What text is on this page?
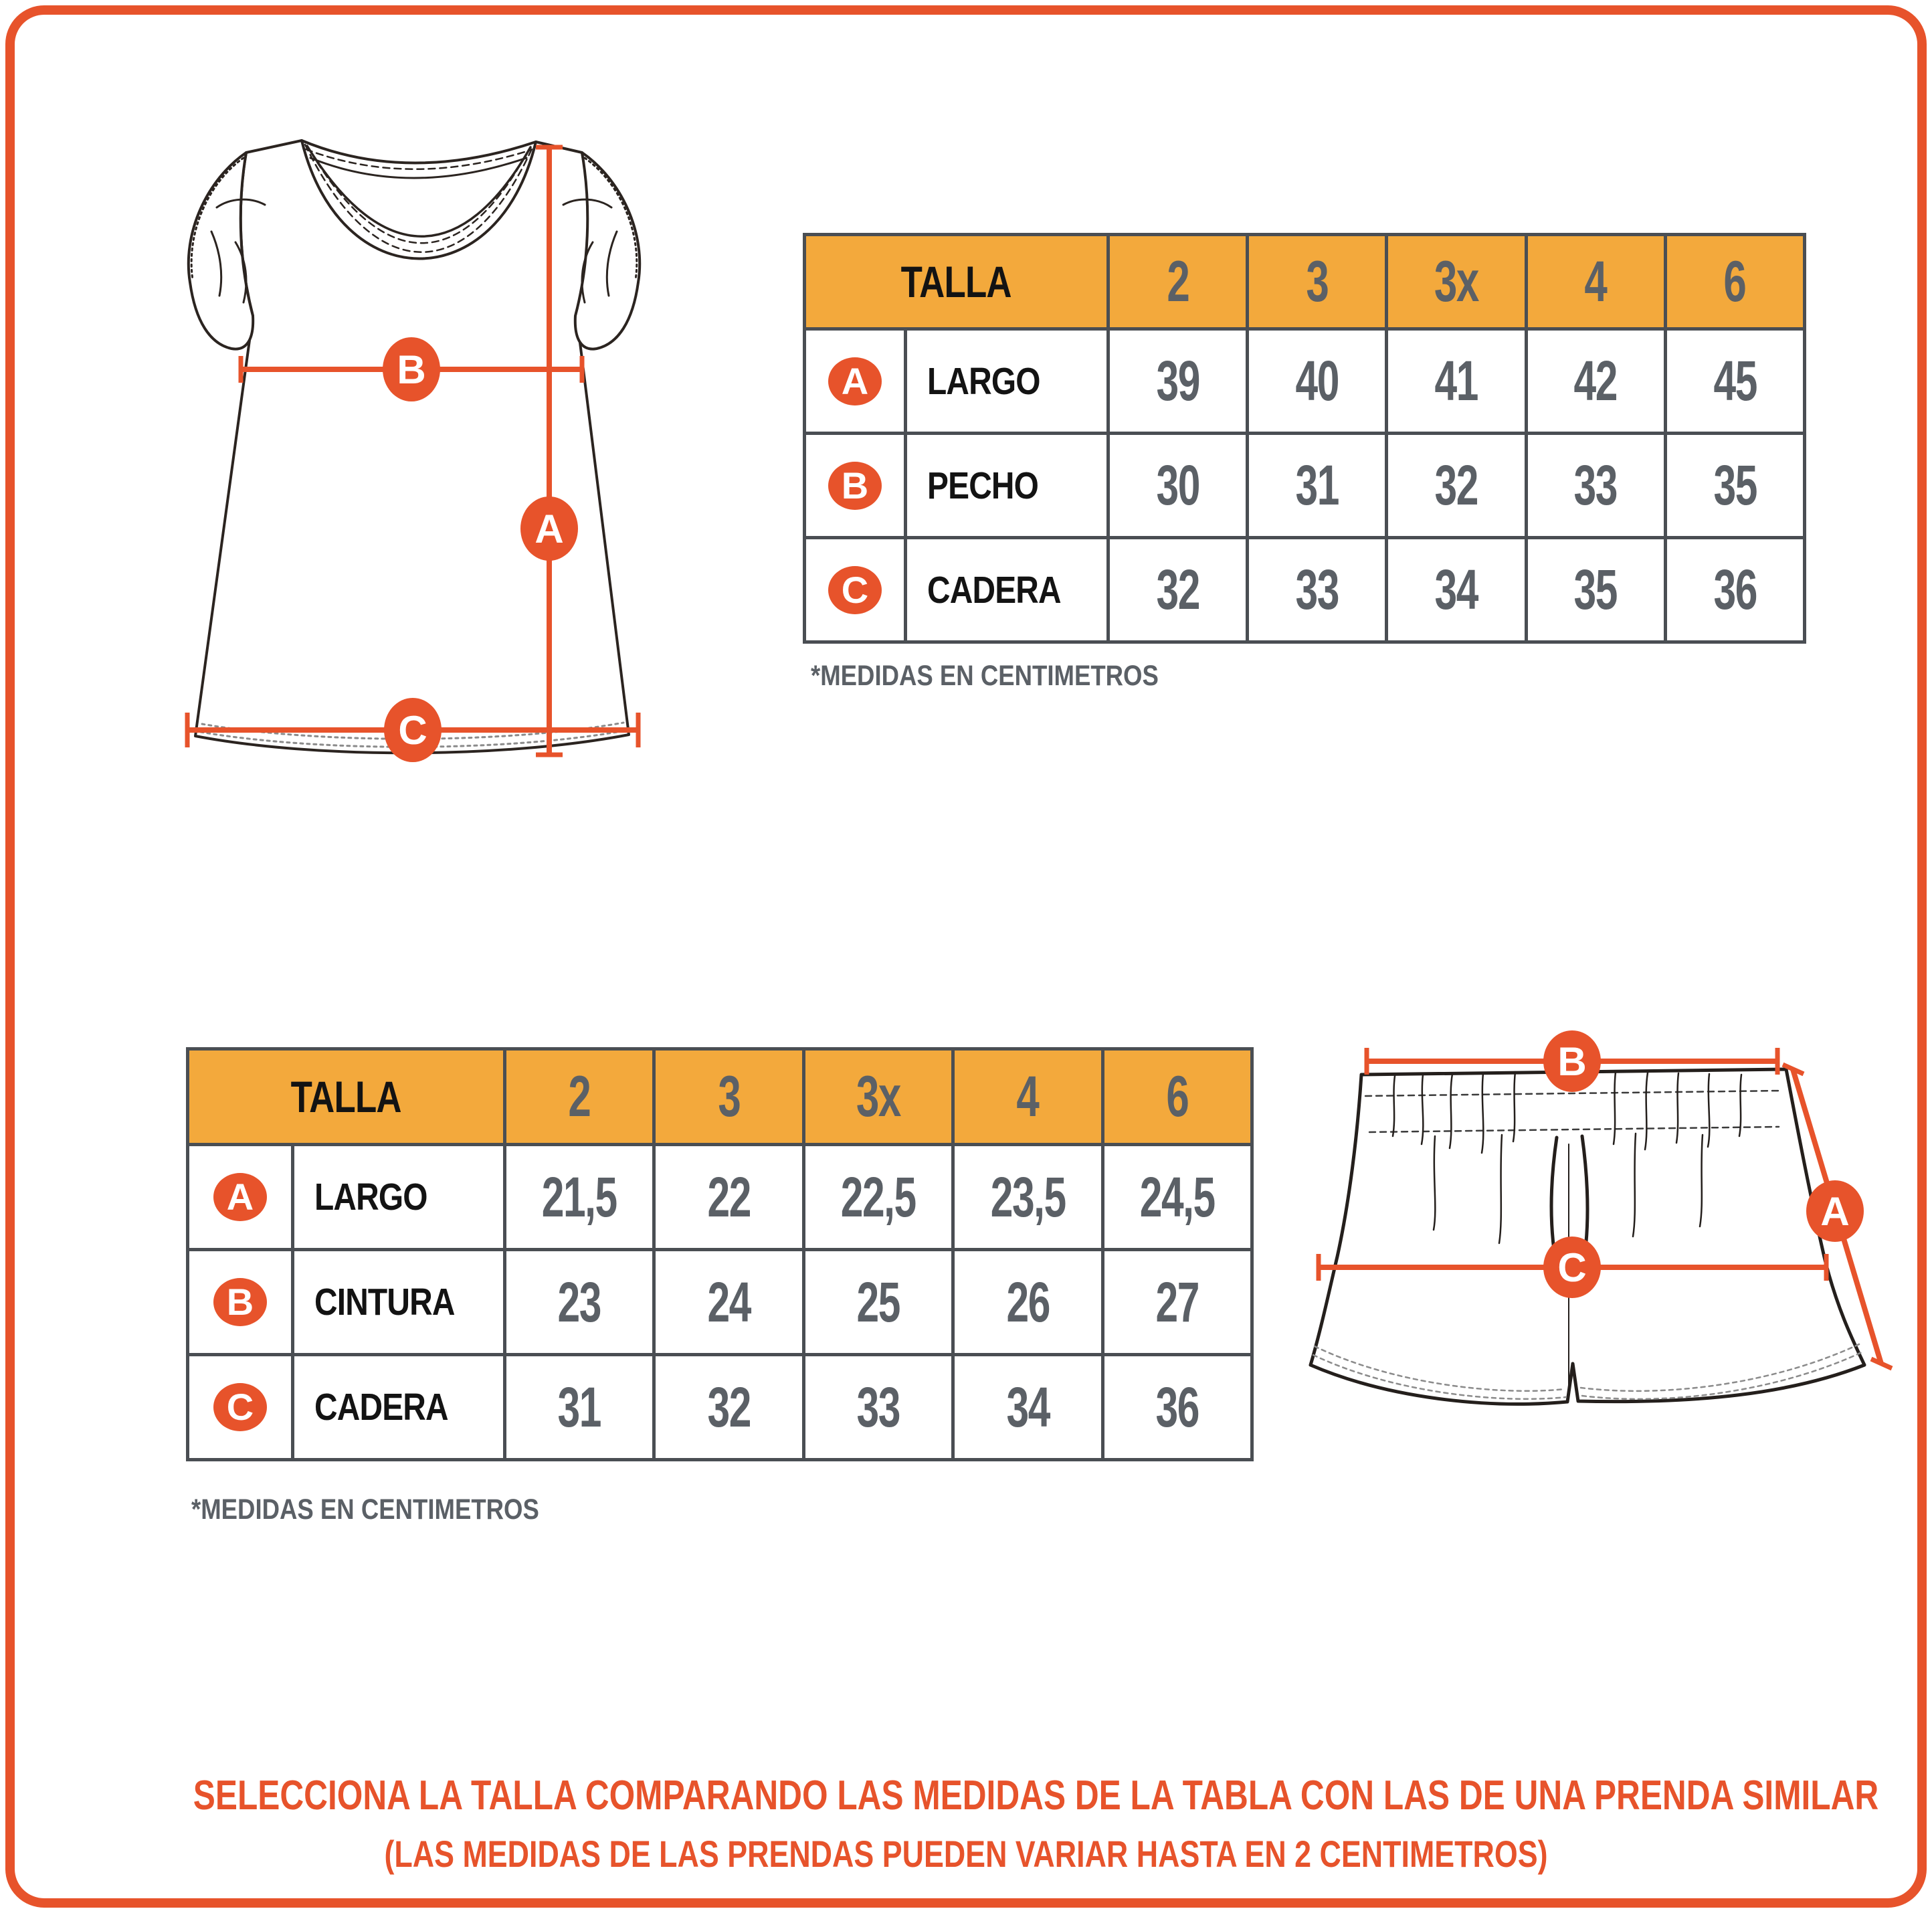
B
A
C
TALLA	2 3 3x 4 6
A	LARGO 39 40 41 42 45
B	PECHO 30 31 32 33 35
C	CADERA 32 33 34 35 36
*MEDIDAS EN CENTIMETROS
TALLA	2 3 3x 4 6
A	LARGO 21,5 22 22,5 23,5 24,5
B	CINTURA 23 24 25 26 27
C	CADERA 31 32 33 34 36
*MEDIDAS EN CENTIMETROS
B
A
C
SELECCIONA LA TALLA COMPARANDO LAS MEDIDAS DE LA TABLA CON LAS DE UNA PRENDA SIMILAR
(LAS MEDIDAS DE LAS PRENDAS PUEDEN VARIAR HASTA EN 2 CENTIMETROS)
